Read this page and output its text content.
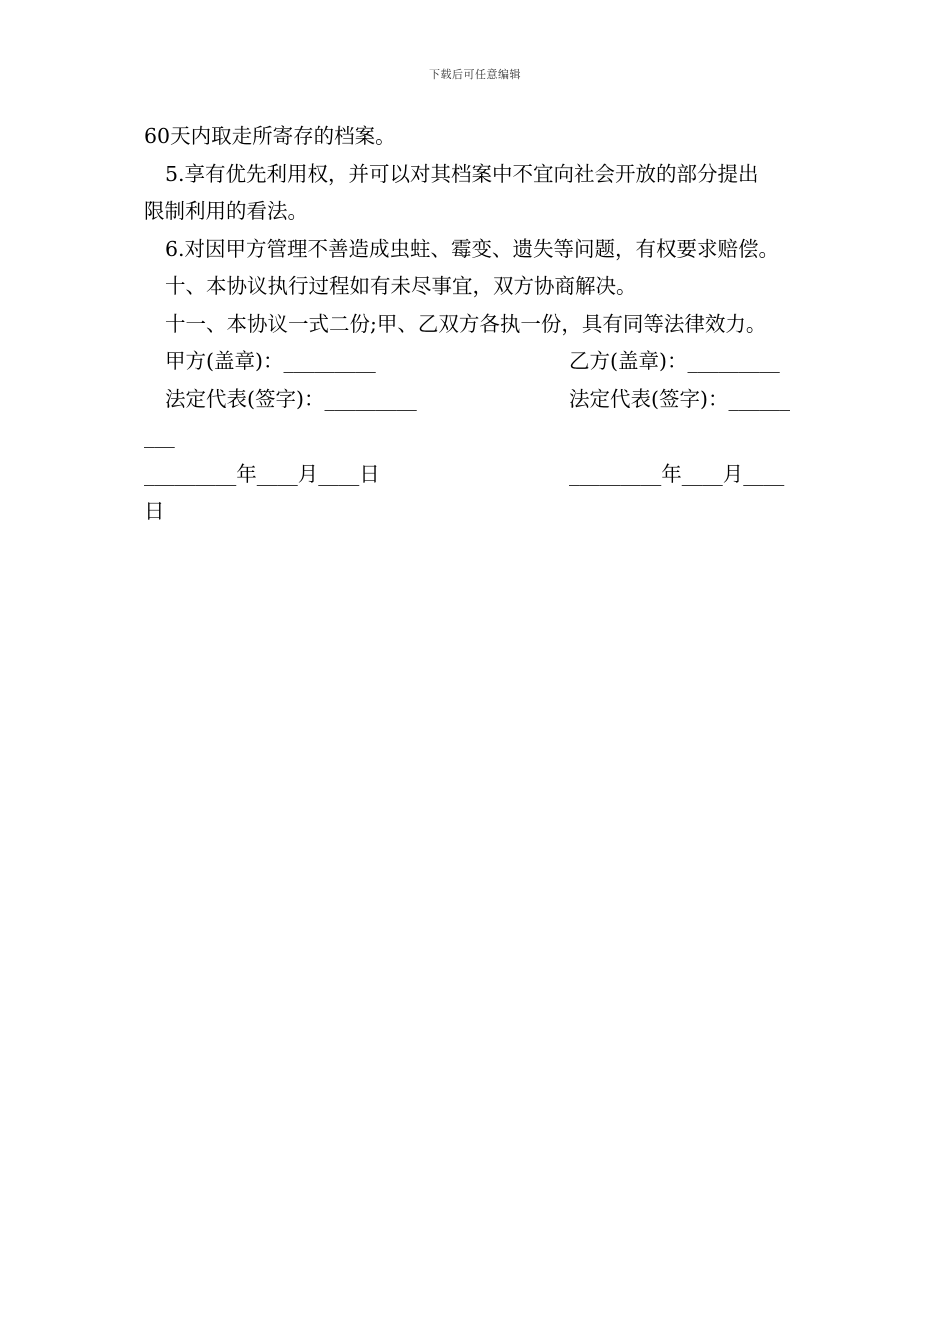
下载后可任意编辑
60天内取走所寄存的档案。
5.享有优先利用权，并可以对其档案中不宜向社会开放的部分提出
限制利用的看法。
6.对因甲方管理不善造成虫蛀、霉变、遗失等问题，有权要求赔偿。
十、本协议执行过程如有未尽事宜，双方协商解决。
十一、本协议一式二份;甲、乙双方各执一份，具有同等法律效力。
甲方(盖章)：_________	乙方(盖章)：_________
法定代表(签字)：_________	法定代表(签字)：______
___
_________年____月____日	_________年____月____
日
